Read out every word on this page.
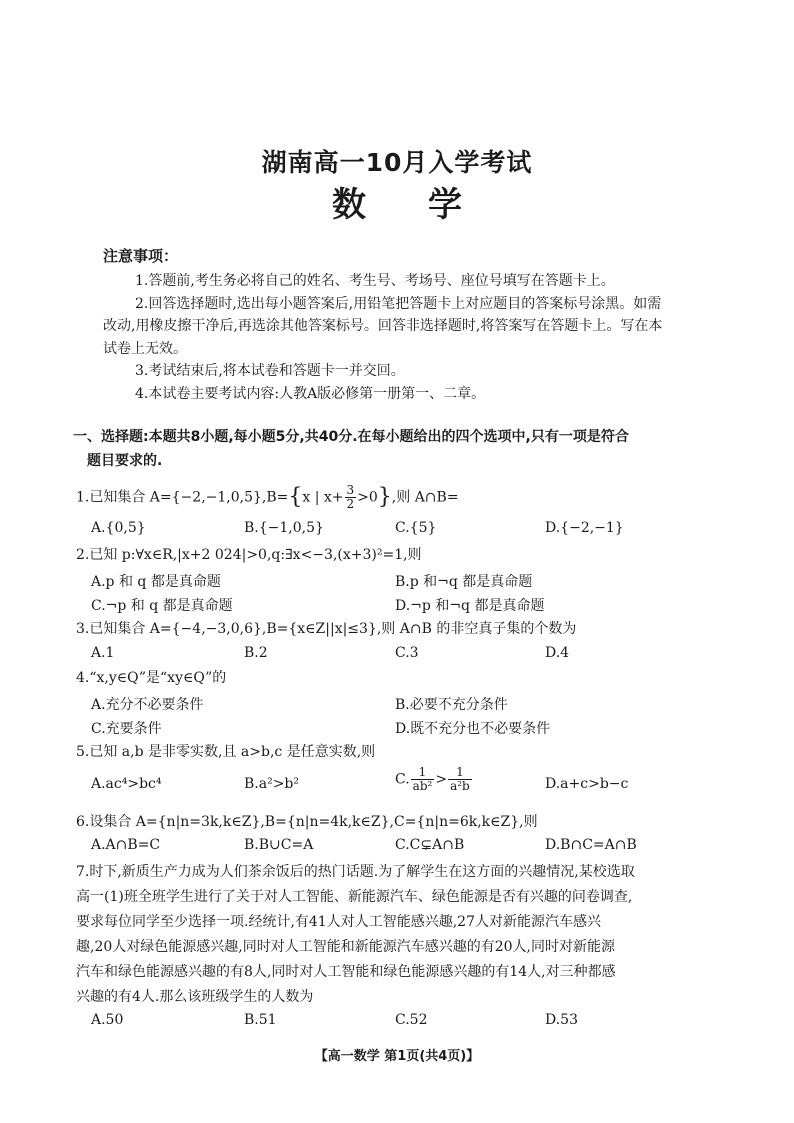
湖南高一10月入学考试
数学
注意事项：

1.答题前,考生务必将自己的姓名、考生号、考场号、座位号填写在答题卡上。

2.回答选择题时,选出每小题答案后,用铅笔把答题卡上对应题目的答案标号涂黑。如需改动,用橡皮擦干净后,再选涂其他答案标号。回答非选择题时,将答案写在答题卡上。写在本试卷上无效。

3.考试结束后,将本试卷和答题卡一并交回。

4.本试卷主要考试内容:人教A版必修第一册第一、二章。

一、选择题:本题共8小题,每小题5分,共40分.在每小题给出的四个选项中,只有一项是符合
题目要求的.
1.已知集合 A={−2,−1,0,5},B={x | $x+ \frac{3}{2} >0$},则 A∩B=
A.{0,5}	B.{−1,0,5}	C.{5}	D.{−2,−1}
2.已知 p:∀x∈R,|x+2 024|>0,q:∃x<−3,(x+3)²=1,则
A.p 和 q 都是真命题	B.p 和¬q 都是真命题
C.¬p 和 q 都是真命题	D.¬p 和¬q 都是真命题
3.已知集合 A={−4,−3,0,6},B={x∈Z||x|≤3},则 A∩B 的非空真子集的个数为
A.1	B.2	C.3	D.4
4.“x,y∈Q”是“xy∈Q”的
A.充分不必要条件	B.必要不充分条件
C.充要条件	D.既不充分也不必要条件
5.已知 a,b 是非零实数,且 a>b,c 是任意实数,则
A.ac⁴>bc⁴	B.a²>b²	C. $\frac{1}{\text{ab²}} > \frac{1}{\text{a²b}}$	D.a+c>b−c
6.设集合 A={n|n=3k,k∈Z},B={n|n=4k,k∈Z},C={n|n=6k,k∈Z},则
A.A∩B=C	B.B∪C=A	C.C⊊A∩B	D.B∩C=A∩B
7.时下,新质生产力成为人们茶余饭后的热门话题.为了解学生在这方面的兴趣情况,某校选取
高一(1)班全班学生进行了关于对人工智能、新能源汽车、绿色能源是否有兴趣的问卷调查,
要求每位同学至少选择一项.经统计,有41人对人工智能感兴趣,27人对新能源汽车感兴
趣,20人对绿色能源感兴趣,同时对人工智能和新能源汽车感兴趣的有20人,同时对新能源
汽车和绿色能源感兴趣的有8人,同时对人工智能和绿色能源感兴趣的有14人,对三种都感
兴趣的有4人.那么该班级学生的人数为
A.50	B.51	C.52	D.53
【高一数学 第1页(共4页)】
